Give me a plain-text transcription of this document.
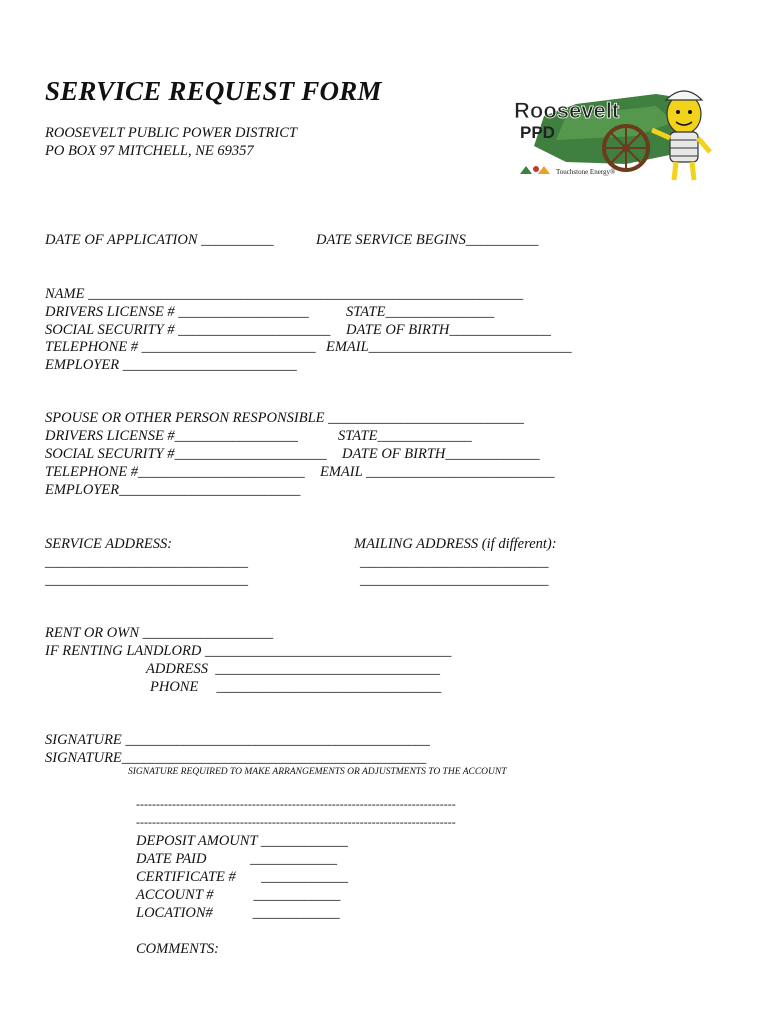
SERVICE REQUEST FORM
ROOSEVELT PUBLIC POWER DISTRICT
PO BOX 97 MITCHELL, NE 69357
Roosevelt
PPD
Touchstone Energy®
DATE OF APPLICATION __________	DATE SERVICE BEGINS__________
NAME ____________________________________________________________
DRIVERS LICENSE # __________________	STATE_______________
SOCIAL SECURITY # _____________________ DATE OF BIRTH______________
TELEPHONE # ________________________ EMAIL____________________________
EMPLOYER ________________________
SPOUSE OR OTHER PERSON RESPONSIBLE ___________________________
DRIVERS LICENSE #_________________	STATE_____________
SOCIAL SECURITY #_____________________ DATE OF BIRTH_____________
TELEPHONE #_______________________ EMAIL __________________________
EMPLOYER_________________________
SERVICE ADDRESS:
____________________________
____________________________
MAILING ADDRESS (if different):
__________________________
__________________________
RENT OR OWN __________________
IF RENTING LANDLORD __________________________________
ADDRESS  _______________________________
PHONE     _______________________________
SIGNATURE __________________________________________
SIGNATURE__________________________________________
SIGNATURE REQUIRED TO MAKE ARRANGEMENTS OR ADJUSTMENTS TO THE ACCOUNT
--------------------------------------------------------------------------------
--------------------------------------------------------------------------------
DEPOSIT AMOUNT ____________
DATE PAID            ____________
CERTIFICATE #       ____________
ACCOUNT #           ____________
LOCATION#           ____________
COMMENTS:
